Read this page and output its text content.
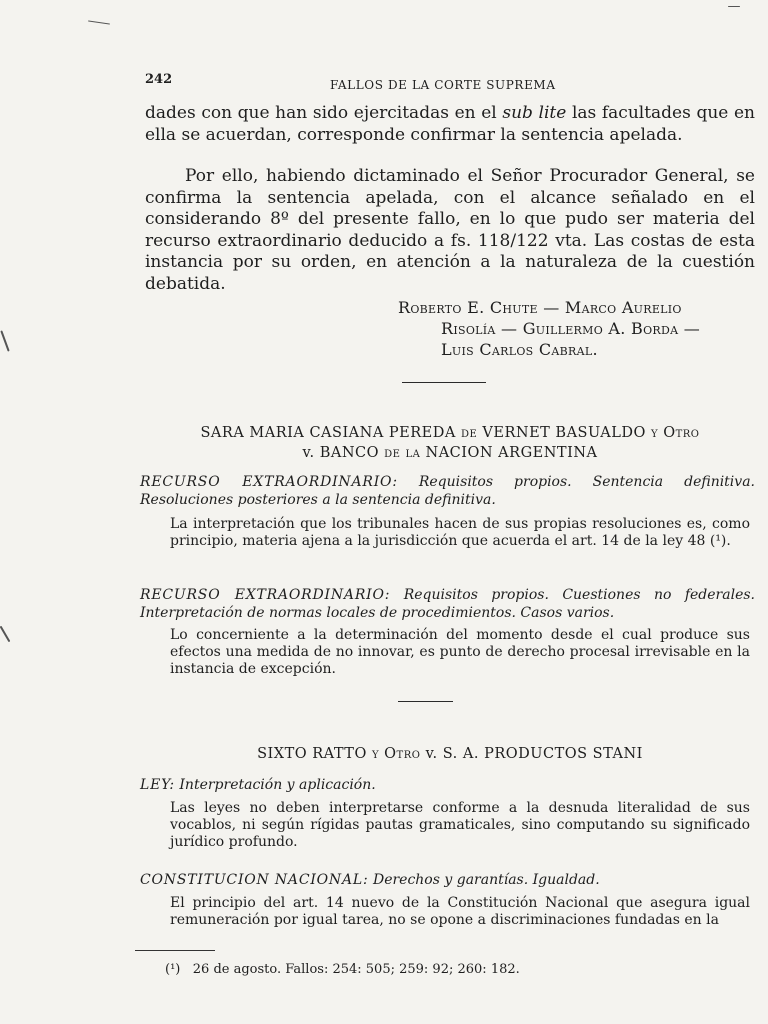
242	FALLOS DE LA CORTE SUPREMA

dades con que han sido ejercitadas en el sub lite las facultades que en ella se acuerdan, corresponde confirmar la sentencia apelada.

Por ello, habiendo dictaminado el Señor Procurador General, se confirma la sentencia apelada, con el alcance señalado en el considerando 8º del presente fallo, en lo que pudo ser materia del recurso extraordinario deducido a fs. 118/122 vta. Las costas de esta instancia por su orden, en atención a la naturaleza de la cuestión debatida.

Roberto E. Chute — Marco Aurelio
Risolía — Guillermo A. Borda —
Luis Carlos Cabral.

SARA MARIA CASIANA PEREDA de VERNET BASUALDO y Otro
v. BANCO de la NACION ARGENTINA

RECURSO EXTRAORDINARIO: Requisitos propios. Sentencia definitiva. Resoluciones posteriores a la sentencia definitiva.

La interpretación que los tribunales hacen de sus propias resoluciones es, como principio, materia ajena a la jurisdicción que acuerda el art. 14 de la ley 48 (¹).

RECURSO EXTRAORDINARIO: Requisitos propios. Cuestiones no federales. Interpretación de normas locales de procedimientos. Casos varios.

Lo concerniente a la determinación del momento desde el cual produce sus efectos una medida de no innovar, es punto de derecho procesal irrevisable en la instancia de excepción.

SIXTO RATTO y Otro v. S. A. PRODUCTOS STANI

LEY: Interpretación y aplicación.

Las leyes no deben interpretarse conforme a la desnuda literalidad de sus vocablos, ni según rígidas pautas gramaticales, sino computando su significado jurídico profundo.

CONSTITUCION NACIONAL: Derechos y garantías. Igualdad.

El principio del art. 14 nuevo de la Constitución Nacional que asegura igual remuneración por igual tarea, no se opone a discriminaciones fundadas en la

(¹) 26 de agosto. Fallos: 254: 505; 259: 92; 260: 182.
